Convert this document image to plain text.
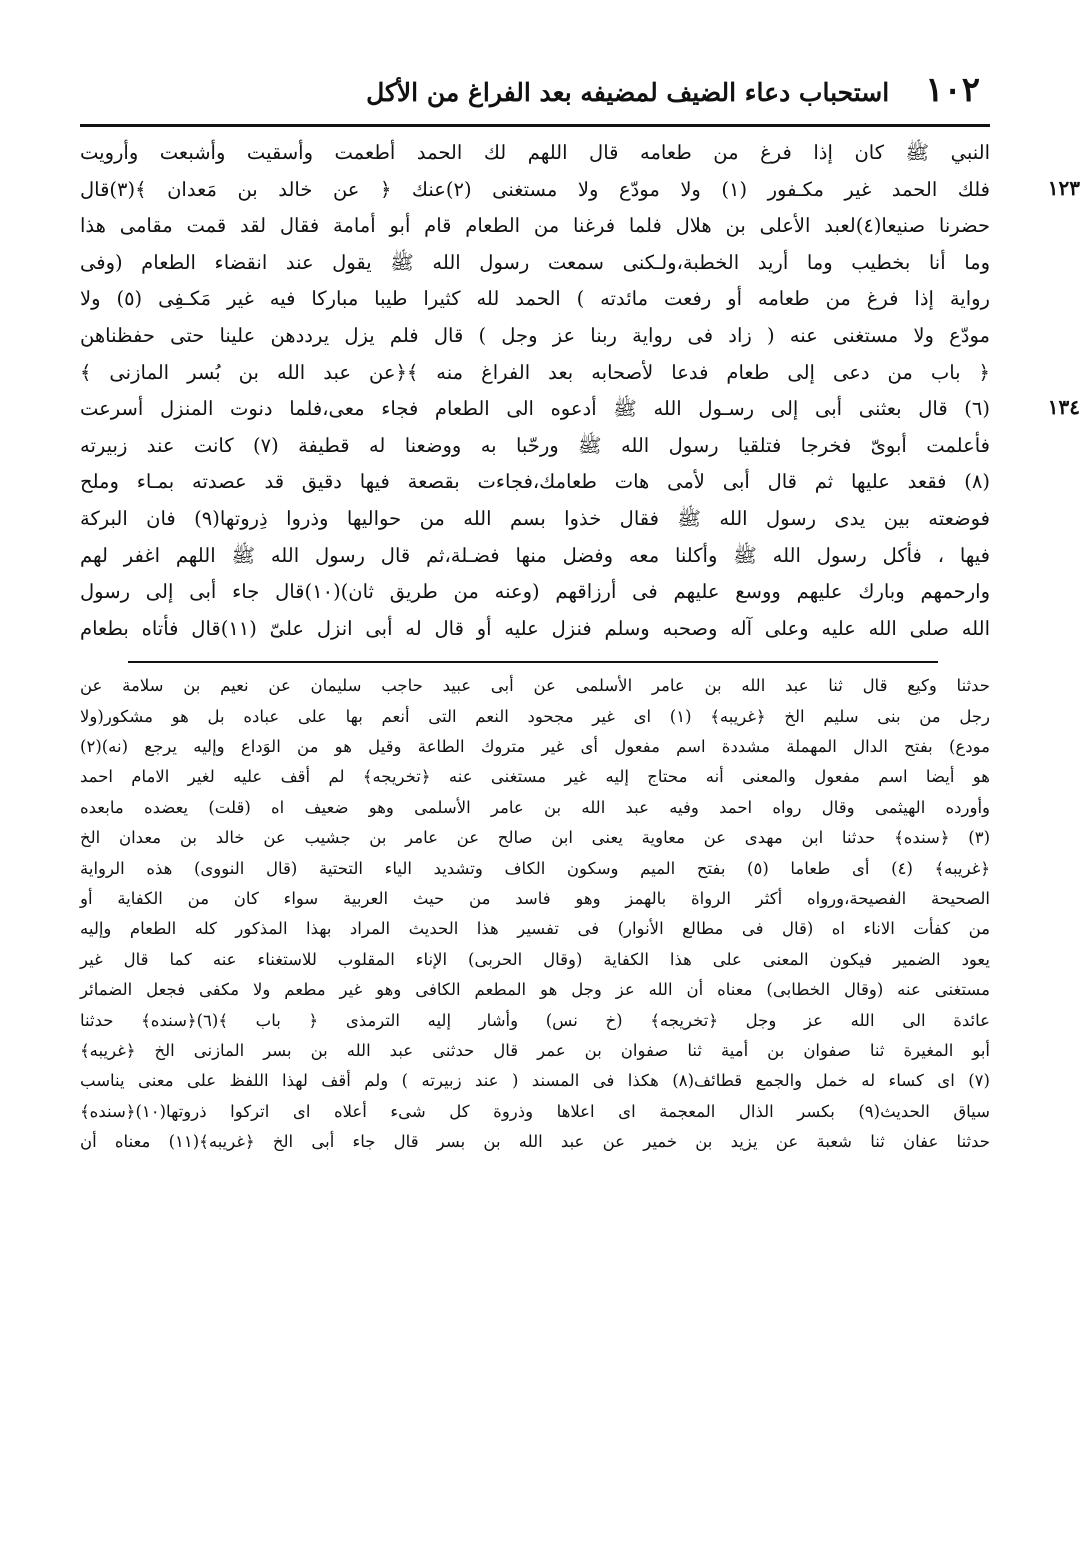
١٠٢
استحباب دعاء الضيف لمضيفه بعد الفراغ من الأكل
النبي ﷺ كان إذا فرغ من طعامه قال اللهم لك الحمد أطعمت وأسقيت وأشبعت وأرويت
فلك الحمد غير مكـفور (١) ولا مودّع ولا مستغنى (٢)عنك ﴿ عن خالد بن مَعدان ﴾(٣)قال
حضرنا صنيعا(٤)لعبد الأعلى بن هلال فلما فرغنا من الطعام قام أبو أمامة فقال لقد قمت مقامى هذا
وما أنا بخطيب وما أريد الخطبة،ولـكنى سمعت رسول الله ﷺ يقول عند انقضاء الطعام (وفى
رواية إذا فرغ من طعامه أو رفعت مائدته ) الحمد لله كثيرا طيبا مباركا فيه غير مَكـفِى (٥) ولا
مودّع ولا مستغنى عنه ( زاد فى رواية ربنا عز وجل ) قال فلم يزل يرددهن علينا حتى حفظناهن
﴿ باب من دعى إلى طعام فدعا لأصحابه بعد الفراغ منه ﴾﴿عن عبد الله بن بُسر المازنى ﴾
(٦) قال بعثنى أبى إلى رسـول الله ﷺ أدعوه الى الطعام فجاء معى،فلما دنوت المنزل أسرعت
فأعلمت أبوىّ فخرجا فتلقيا رسول الله ﷺ ورحّبا به ووضعنا له قطيفة (٧) كانت عند زبيرته
(٨) فقعد عليها ثم قال أبى لأمى هات طعامك،فجاءت بقصعة فيها دقيق قد عصدته بمـاء وملح
فوضعته بين يدى رسول الله ﷺ فقال خذوا بسم الله من حواليها وذروا ذِروتها(٩) فان البركة
فيها ، فأكل رسول الله ﷺ وأكلنا معه وفضل منها فضـلة،ثم قال رسول الله ﷺ اللهم اغفر لهم
وارحمهم وبارك عليهم ووسع عليهم فى أرزاقهم (وعنه من طريق ثان)(١٠)قال جاء أبى إلى رسول
الله صلى الله عليه وعلى آله وصحبه وسلم فنزل عليه أو قال له أبى انزل علىّ (١١)قال فأتاه بطعام
١٢٣
١٣٤
حدثنا وكيع قال ثنا عبد الله بن عامر الأسلمى عن أبى عبيد حاجب سليمان عن نعيم بن سلامة عن
رجل من بنى سليم الخ ﴿غريبه﴾ (١) اى غير مجحود النعم التى أنعم بها على عباده بل هو مشكور(ولا
مودع) بفتح الدال المهملة مشددة اسم مفعول أى غير متروك الطاعة وقيل هو من الوَداع وإليه يرجع (نه)(٢)
هو أيضا اسم مفعول والمعنى أنه محتاج إليه غير مستغنى عنه ﴿تخريجه﴾ لم أقف عليه لغير الامام احمد
وأورده الهيثمى وقال رواه احمد وفيه عبد الله بن عامر الأسلمى وهو ضعيف اه (قلت) يعضده مابعده
(٣) ﴿سنده﴾ حدثنا ابن مهدى عن معاوية يعنى ابن صالح عن عامر بن جشيب عن خالد بن معدان الخ
﴿غريبه﴾ (٤) أى طعاما (٥) بفتح الميم وسكون الكاف وتشديد الياء التحتية (قال النووى) هذه الرواية
الصحيحة الفصيحة،ورواه أكثر الرواة بالهمز وهو فاسد من حيث العربية سواء كان من الكفاية أو
من كفأت الاناء اه (قال فى مطالع الأنوار) فى تفسير هذا الحديث المراد بهذا المذكور كله الطعام وإليه
يعود الضمير فيكون المعنى على هذا الكفاية (وقال الحربى) الإناء المقلوب للاستغناء عنه كما قال غير
مستغنى عنه (وقال الخطابى) معناه أن الله عز وجل هو المطعم الكافى وهو غير مطعم ولا مكفى فجعل الضمائر
عائدة الى الله عز وجل ﴿تخريجه﴾ (خ نس) وأشار إليه الترمذى ﴿ باب ﴾(٦)﴿سنده﴾ حدثنا
أبو المغيرة ثنا صفوان بن أمية ثنا صفوان بن عمر قال حدثنى عبد الله بن بسر المازنى الخ ﴿غريبه﴾
(٧) اى كساء له خمل والجمع قطائف(٨) هكذا فى المسند ( عند زبيرته ) ولم أقف لهذا اللفظ على معنى يناسب
سياق الحديث(٩) بكسر الذال المعجمة اى اعلاها وذروة كل شىء أعلاه اى اتركوا ذروتها(١٠)﴿سنده﴾
حدثنا عفان ثنا شعبة عن يزيد بن خمير عن عبد الله بن بسر قال جاء أبى الخ ﴿غريبه﴾(١١) معناه أن
